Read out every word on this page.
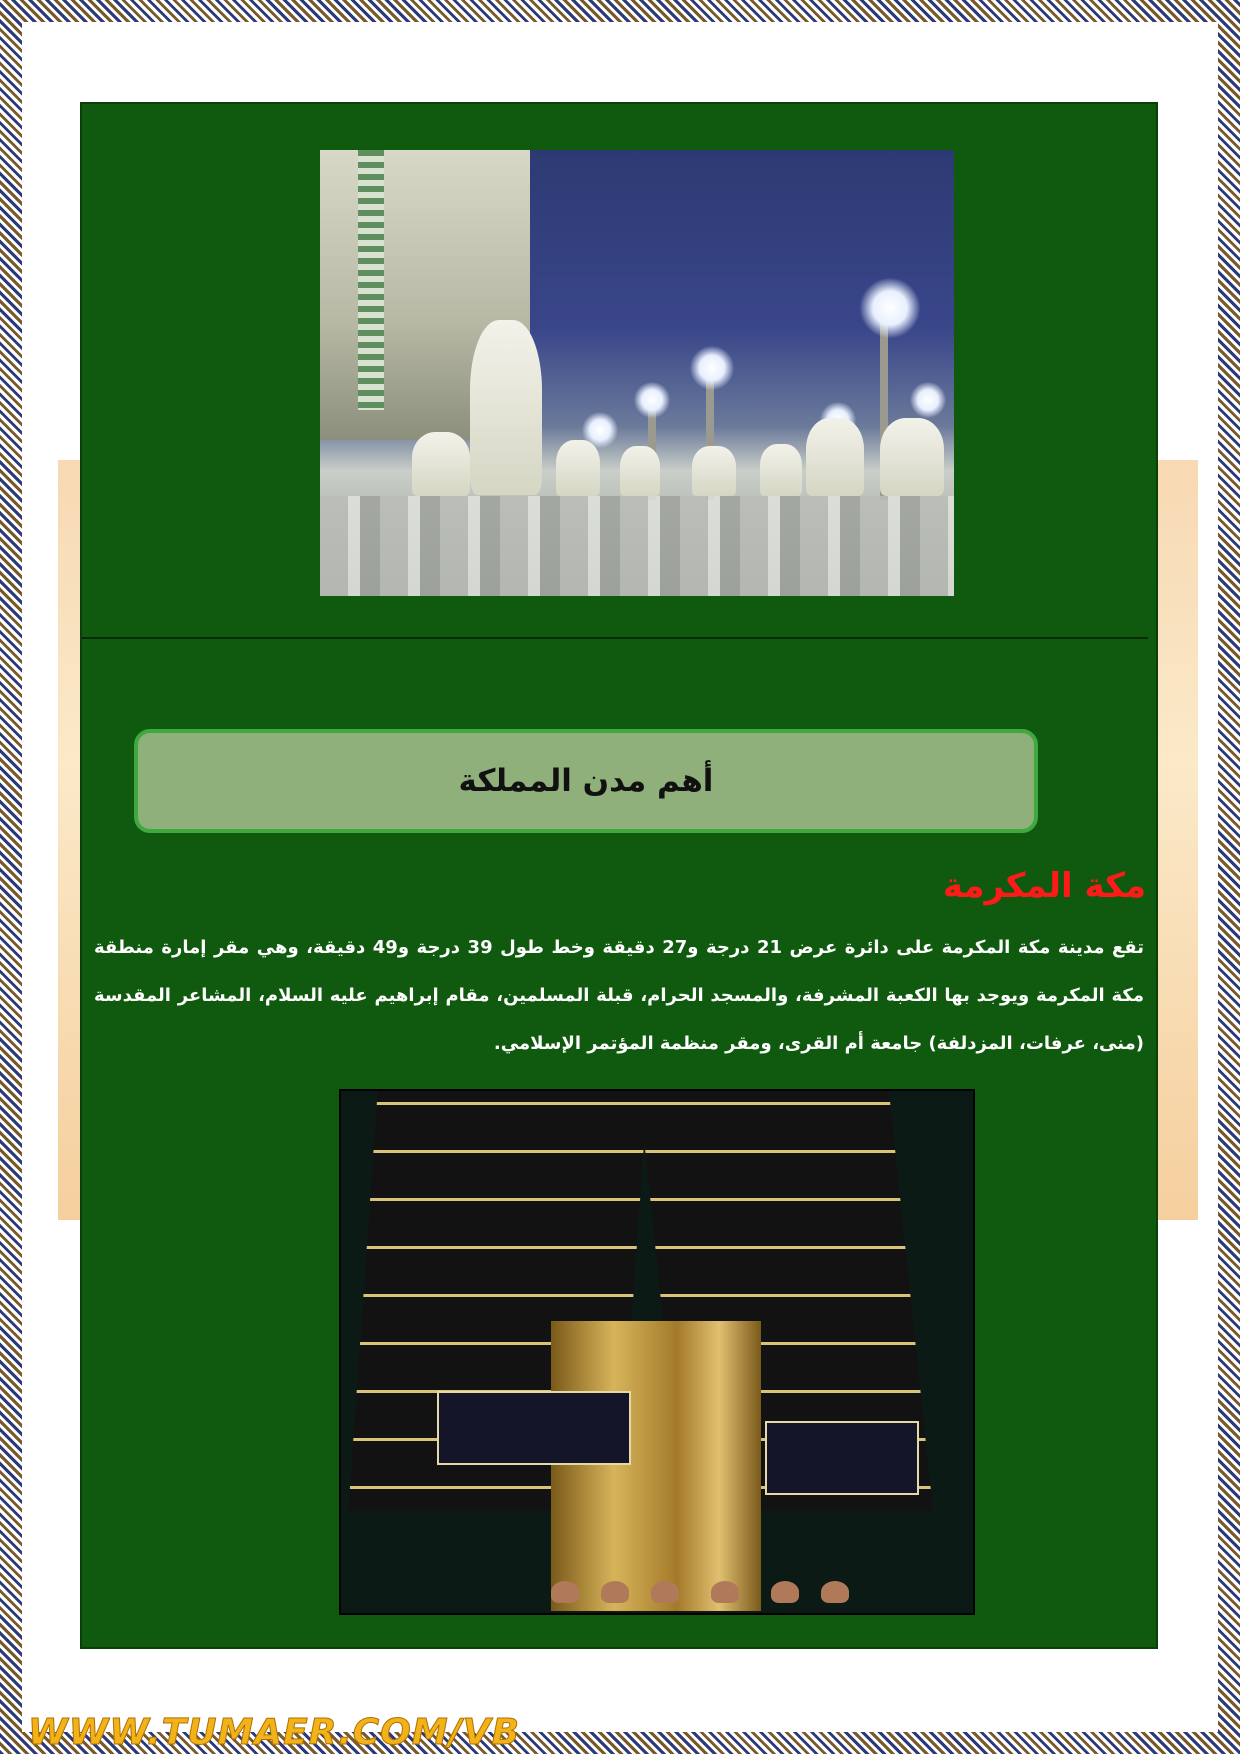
أهم مدن المملكة
مكة المكرمة
تقع مدينة مكة المكرمة على دائرة عرض 21 درجة و27 دقيقة وخط طول 39 درجة و49 دقيقة، وهي مقر إمارة منطقة مكة المكرمة ويوجد بها الكعبة المشرفة، والمسجد الحرام، قبلة المسلمين، مقام إبراهيم عليه السلام، المشاعر المقدسة (منى، عرفات، المزدلفة) جامعة أم القرى، ومقر منظمة المؤتمر الإسلامي.
WWW.TUMAER.COM/VB
